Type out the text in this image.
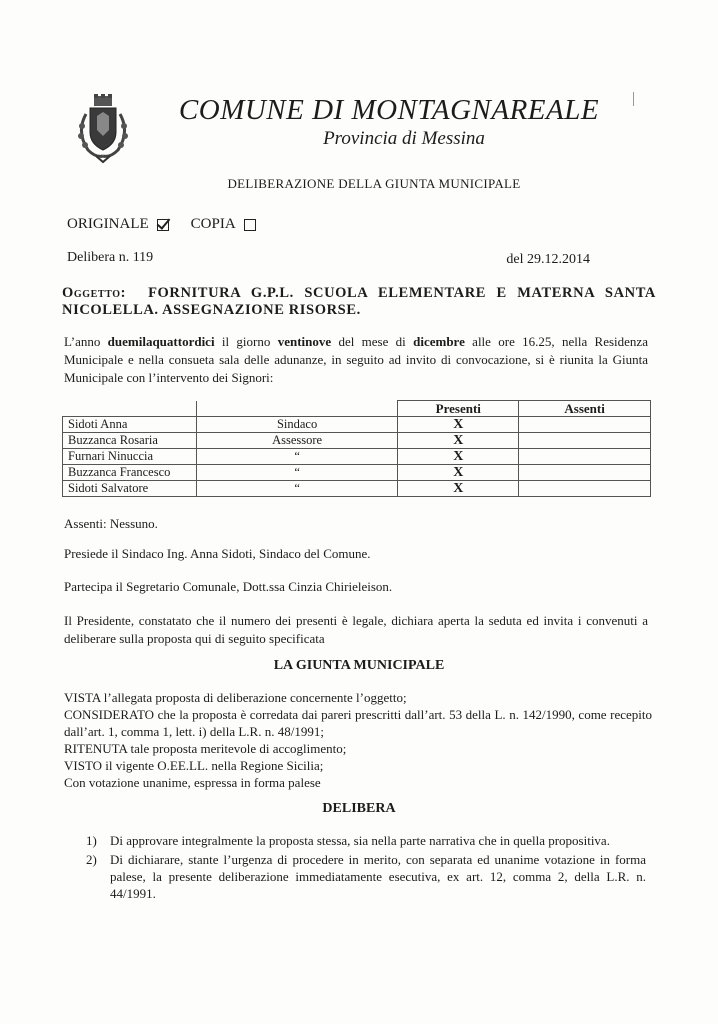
COMUNE DI MONTAGNAREALE
Provincia di Messina
DELIBERAZIONE DELLA GIUNTA MUNICIPALE
ORIGINALE	COPIA
Delibera n. 119	del 29.12.2014
Oggetto: FORNITURA G.P.L. SCUOLA ELEMENTARE E MATERNA SANTA NICOLELLA. ASSEGNAZIONE RISORSE.
L’anno duemilaquattordici il giorno ventinove del mese di dicembre alle ore 16.25, nella Residenza Municipale e nella consueta sala delle adunanze, in seguito ad invito di convocazione, si è riunita la Giunta Municipale con l’intervento dei Signori:
		Presenti	Assenti
Sidoti Anna	Sindaco	X	
Buzzanca Rosaria	Assessore	X	
Furnari Ninuccia	“	X	
Buzzanca Francesco	“	X	
Sidoti Salvatore	“	X	
Assenti: Nessuno.
Presiede il Sindaco Ing. Anna Sidoti, Sindaco del Comune.
Partecipa il Segretario Comunale, Dott.ssa Cinzia Chirieleison.
Il Presidente, constatato che il numero dei presenti è legale, dichiara aperta la seduta ed invita i convenuti a deliberare sulla proposta qui di seguito specificata
LA GIUNTA MUNICIPALE
VISTA l’allegata proposta di deliberazione concernente l’oggetto;
CONSIDERATO che la proposta è corredata dai pareri prescritti dall’art. 53 della L. n. 142/1990, come recepito dall’art. 1, comma 1, lett. i) della L.R. n. 48/1991;
RITENUTA tale proposta meritevole di accoglimento;
VISTO il vigente O.EE.LL. nella Regione Sicilia;
Con votazione unanime, espressa in forma palese
DELIBERA
1) Di approvare integralmente la proposta stessa, sia nella parte narrativa che in quella propositiva.
2) Di dichiarare, stante l’urgenza di procedere in merito, con separata ed unanime votazione in forma palese, la presente deliberazione immediatamente esecutiva, ex art. 12, comma 2, della L.R. n. 44/1991.
